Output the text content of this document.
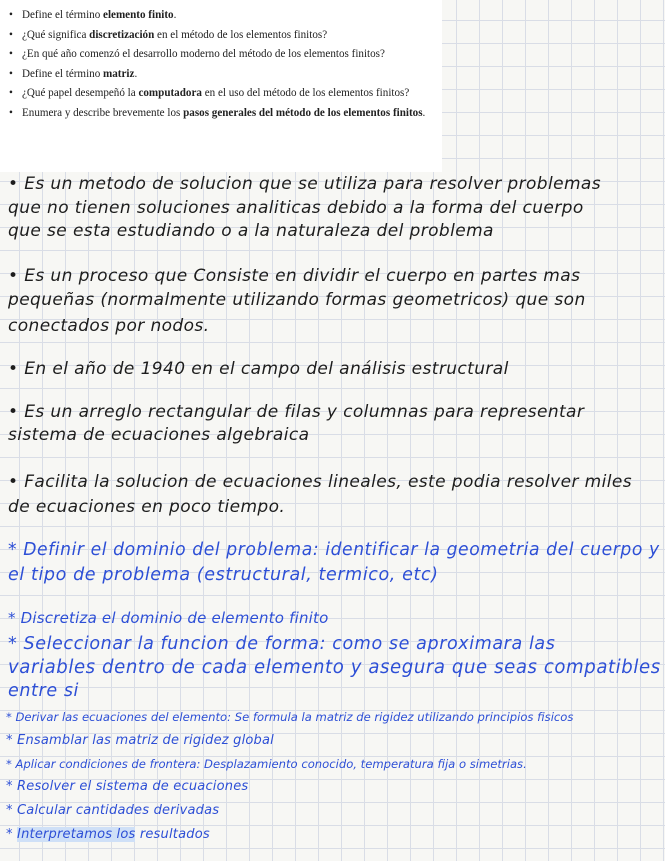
• Define el término elemento finito.
• ¿Qué significa discretización en el método de los elementos finitos?
• ¿En qué año comenzó el desarrollo moderno del método de los elementos finitos?
• Define el término matriz.
• ¿Qué papel desempeñó la computadora en el uso del método de los elementos finitos?
• Enumera y describe brevemente los pasos generales del método de los elementos finitos.
• Es un metodo de solucion que se utiliza para resolver problemas
que no tienen soluciones analiticas debido a la forma del cuerpo
que se esta estudiando o a la naturaleza del problema
• Es un proceso que Consiste en dividir el cuerpo en partes mas
pequeñas (normalmente utilizando formas geometricos) que son
conectados por nodos.
• En el año de 1940 en el campo del análisis estructural
• Es un arreglo rectangular de filas y columnas para representar
sistema de ecuaciones algebraica
• Facilita la solucion de ecuaciones lineales, este podia resolver miles
de ecuaciones en poco tiempo.
* Definir el dominio del problema: identificar la geometria del cuerpo y
el tipo de problema (estructural, termico, etc)
* Discretiza el dominio de elemento finito
* Seleccionar la funcion de forma: como se aproximara las
variables dentro de cada elemento y asegura que seas compatibles
entre si
* Derivar las ecuaciones del elemento: Se formula la matriz de rigidez utilizando principios fisicos
* Ensamblar las matriz de rigidez global
* Aplicar condiciones de frontera: Desplazamiento conocido, temperatura fija o simetrias.
* Resolver el sistema de ecuaciones
* Calcular cantidades derivadas
* Interpretamos los resultados
